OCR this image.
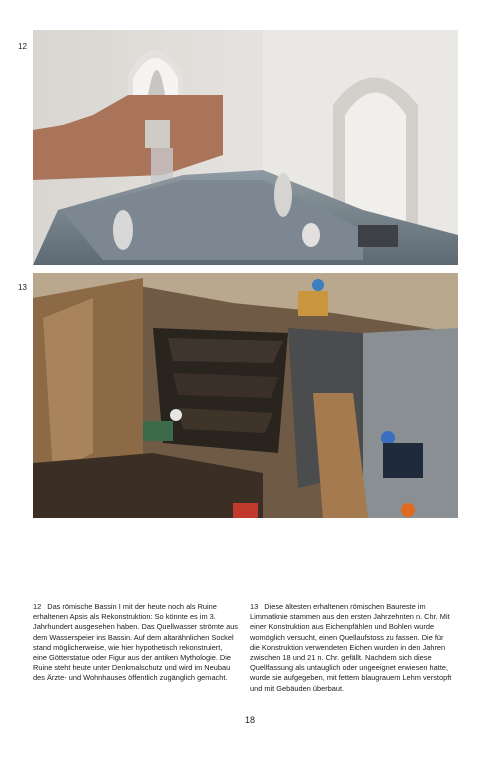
12
13
12 Das römische Bassin I mit der heute noch als Ruine erhaltenen Apsis als Rekonstruktion: So könnte es im 3. Jahrhundert ausgesehen haben. Das Quellwasser strömte aus dem Wasserspeier ins Bassin. Auf dem altarähnlichen Sockel stand möglicherweise, wie hier hypothetisch rekonstruiert, eine Götterstatue oder Figur aus der antiken Mythologie. Die Ruine steht heute unter Denkmalschutz und wird im Neubau des Ärzte- und Wohnhauses öffentlich zugänglich gemacht.
13 Diese ältesten erhaltenen römischen Baureste im Limmatknie stammen aus den ersten Jahrzehnten n. Chr. Mit einer Konstruktion aus Eichenpfählen und Bohlen wurde womöglich versucht, einen Quellaufstoss zu fassen. Die für die Konstruktion verwendeten Eichen wurden in den Jahren zwischen 18 und 21 n. Chr. gefällt. Nachdem sich diese Quellfassung als untauglich oder ungeeignet erwiesen hatte, wurde sie aufgegeben, mit fettem blaugrauem Lehm verstopft und mit Gebäuden überbaut.
18
